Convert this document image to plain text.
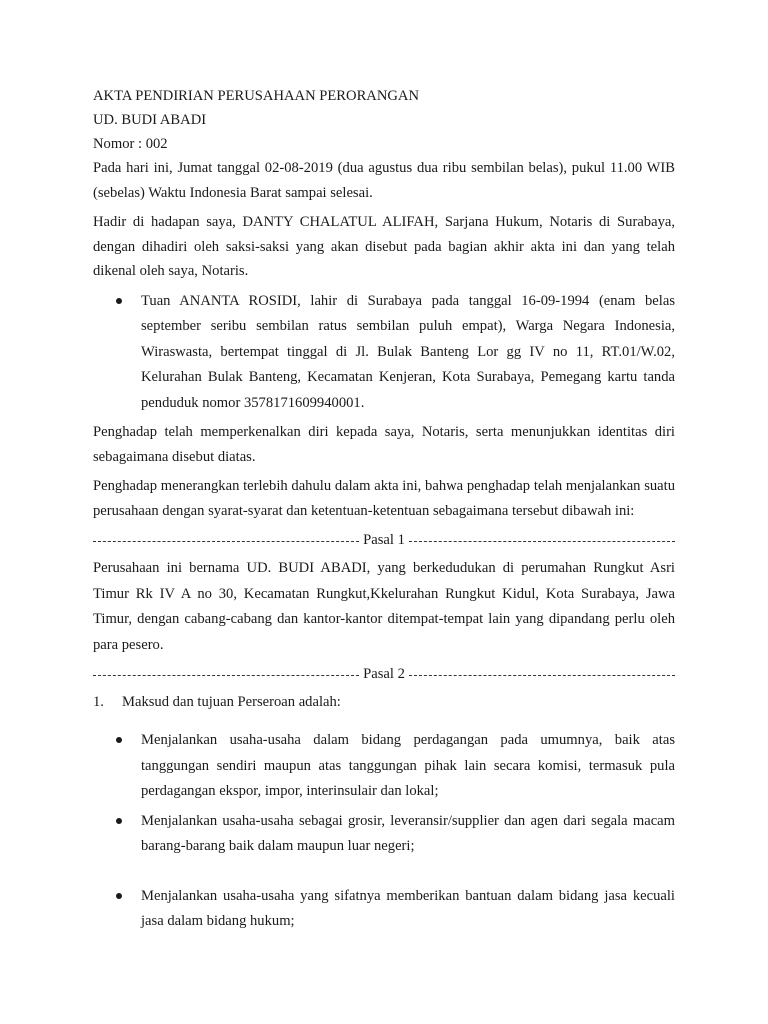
AKTA PENDIRIAN PERUSAHAAN PERORANGAN

UD. BUDI ABADI

Nomor : 002

Pada hari ini, Jumat tanggal 02-08-2019 (dua agustus dua ribu sembilan belas), pukul 11.00 WIB (sebelas) Waktu Indonesia Barat sampai selesai.

Hadir di hadapan saya, DANTY CHALATUL ALIFAH, Sarjana Hukum, Notaris di Surabaya, dengan dihadiri oleh saksi-saksi yang akan disebut pada bagian akhir akta ini dan yang telah dikenal oleh saya, Notaris.

Tuan ANANTA ROSIDI, lahir di Surabaya pada tanggal 16-09-1994 (enam belas september seribu sembilan ratus sembilan puluh empat), Warga Negara Indonesia, Wiraswasta, bertempat tinggal di Jl. Bulak Banteng Lor gg IV no 11, RT.01/W.02, Kelurahan Bulak Banteng, Kecamatan Kenjeran, Kota Surabaya, Pemegang kartu tanda penduduk nomor 3578171609940001.

Penghadap telah memperkenalkan diri kepada saya, Notaris, serta menunjukkan identitas diri sebagaimana disebut diatas.

Penghadap menerangkan terlebih dahulu dalam akta ini, bahwa penghadap telah menjalankan suatu perusahaan dengan syarat-syarat dan ketentuan-ketentuan sebagaimana tersebut dibawah ini:

Pasal 1

Perusahaan ini bernama UD. BUDI ABADI, yang berkedudukan di perumahan Rungkut Asri Timur Rk IV A no 30, Kecamatan Rungkut,Kkelurahan Rungkut Kidul, Kota Surabaya, Jawa Timur, dengan cabang-cabang dan kantor-kantor ditempat-tempat lain yang dipandang perlu oleh para pesero.

Pasal 2
1. Maksud dan tujuan Perseroan adalah:
Menjalankan usaha-usaha dalam bidang perdagangan pada umumnya, baik atas tanggungan sendiri maupun atas tanggungan pihak lain secara komisi, termasuk pula perdagangan ekspor, impor, interinsulair dan lokal;
Menjalankan usaha-usaha sebagai grosir, leveransir/supplier dan agen dari segala macam barang-barang baik dalam maupun luar negeri;
Menjalankan usaha-usaha yang sifatnya memberikan bantuan dalam bidang jasa kecuali jasa dalam bidang hukum;
